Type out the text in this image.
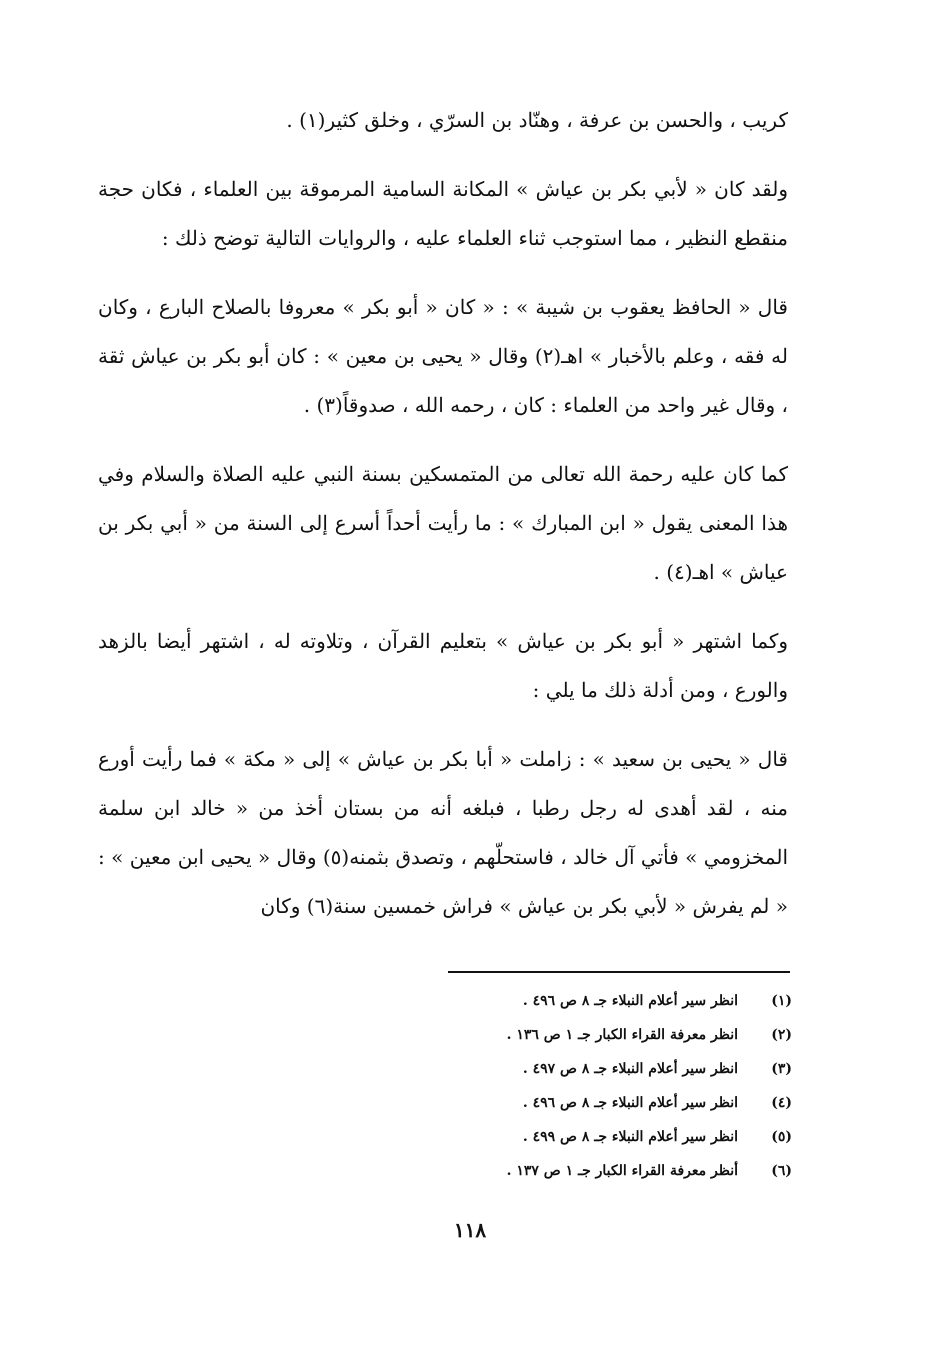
كريب ، والحسن بن عرفة ، وهنّاد بن السرّي ، وخلق كثير(١) .

ولقد كان « لأبي بكر بن عياش » المكانة السامية المرموقة بين العلماء ، فكان حجة منقطع النظير ، مما استوجب ثناء العلماء عليه ، والروايات التالية توضح ذلك :

قال « الحافظ يعقوب بن شيبة » : « كان « أبو بكر » معروفا بالصلاح البارع ، وكان له فقه ، وعلم بالأخبار » اهـ(٢) وقال « يحيى بن معين » : كان أبو بكر بن عياش ثقة ، وقال غير واحد من العلماء : كان ، رحمه الله ، صدوقاً(٣) .

كما كان عليه رحمة الله تعالى من المتمسكين بسنة النبي عليه الصلاة والسلام وفي هذا المعنى يقول « ابن المبارك » : ما رأيت أحداً أسرع إلى السنة من « أبي بكر بن عياش » اهـ(٤) .

وكما اشتهر « أبو بكر بن عياش » بتعليم القرآن ، وتلاوته له ، اشتهر أيضا بالزهد والورع ، ومن أدلة ذلك ما يلي :

قال « يحيى بن سعيد » : زاملت « أبا بكر بن عياش » إلى « مكة » فما رأيت أورع منه ، لقد أهدى له رجل رطبا ، فبلغه أنه من بستان أخذ من « خالد ابن سلمة المخزومي » فأتي آل خالد ، فاستحلّهم ، وتصدق بثمنه(٥) وقال « يحيى ابن معين » : « لم يفرش « لأبي بكر بن عياش » فراش خمسين سنة(٦) وكان

(١)
انظر سير أعلام النبلاء جـ ٨ ص ٤٩٦ .
(٢)
انظر معرفة القراء الكبار جـ ١ ص ١٣٦ .
(٣)
انظر سير أعلام النبلاء جـ ٨ ص ٤٩٧ .
(٤)
انظر سير أعلام النبلاء جـ ٨ ص ٤٩٦ .
(٥)
انظر سير أعلام النبلاء جـ ٨ ص ٤٩٩ .
(٦)
أنظر معرفة القراء الكبار جـ ١ ص ١٣٧ .
١١٨
